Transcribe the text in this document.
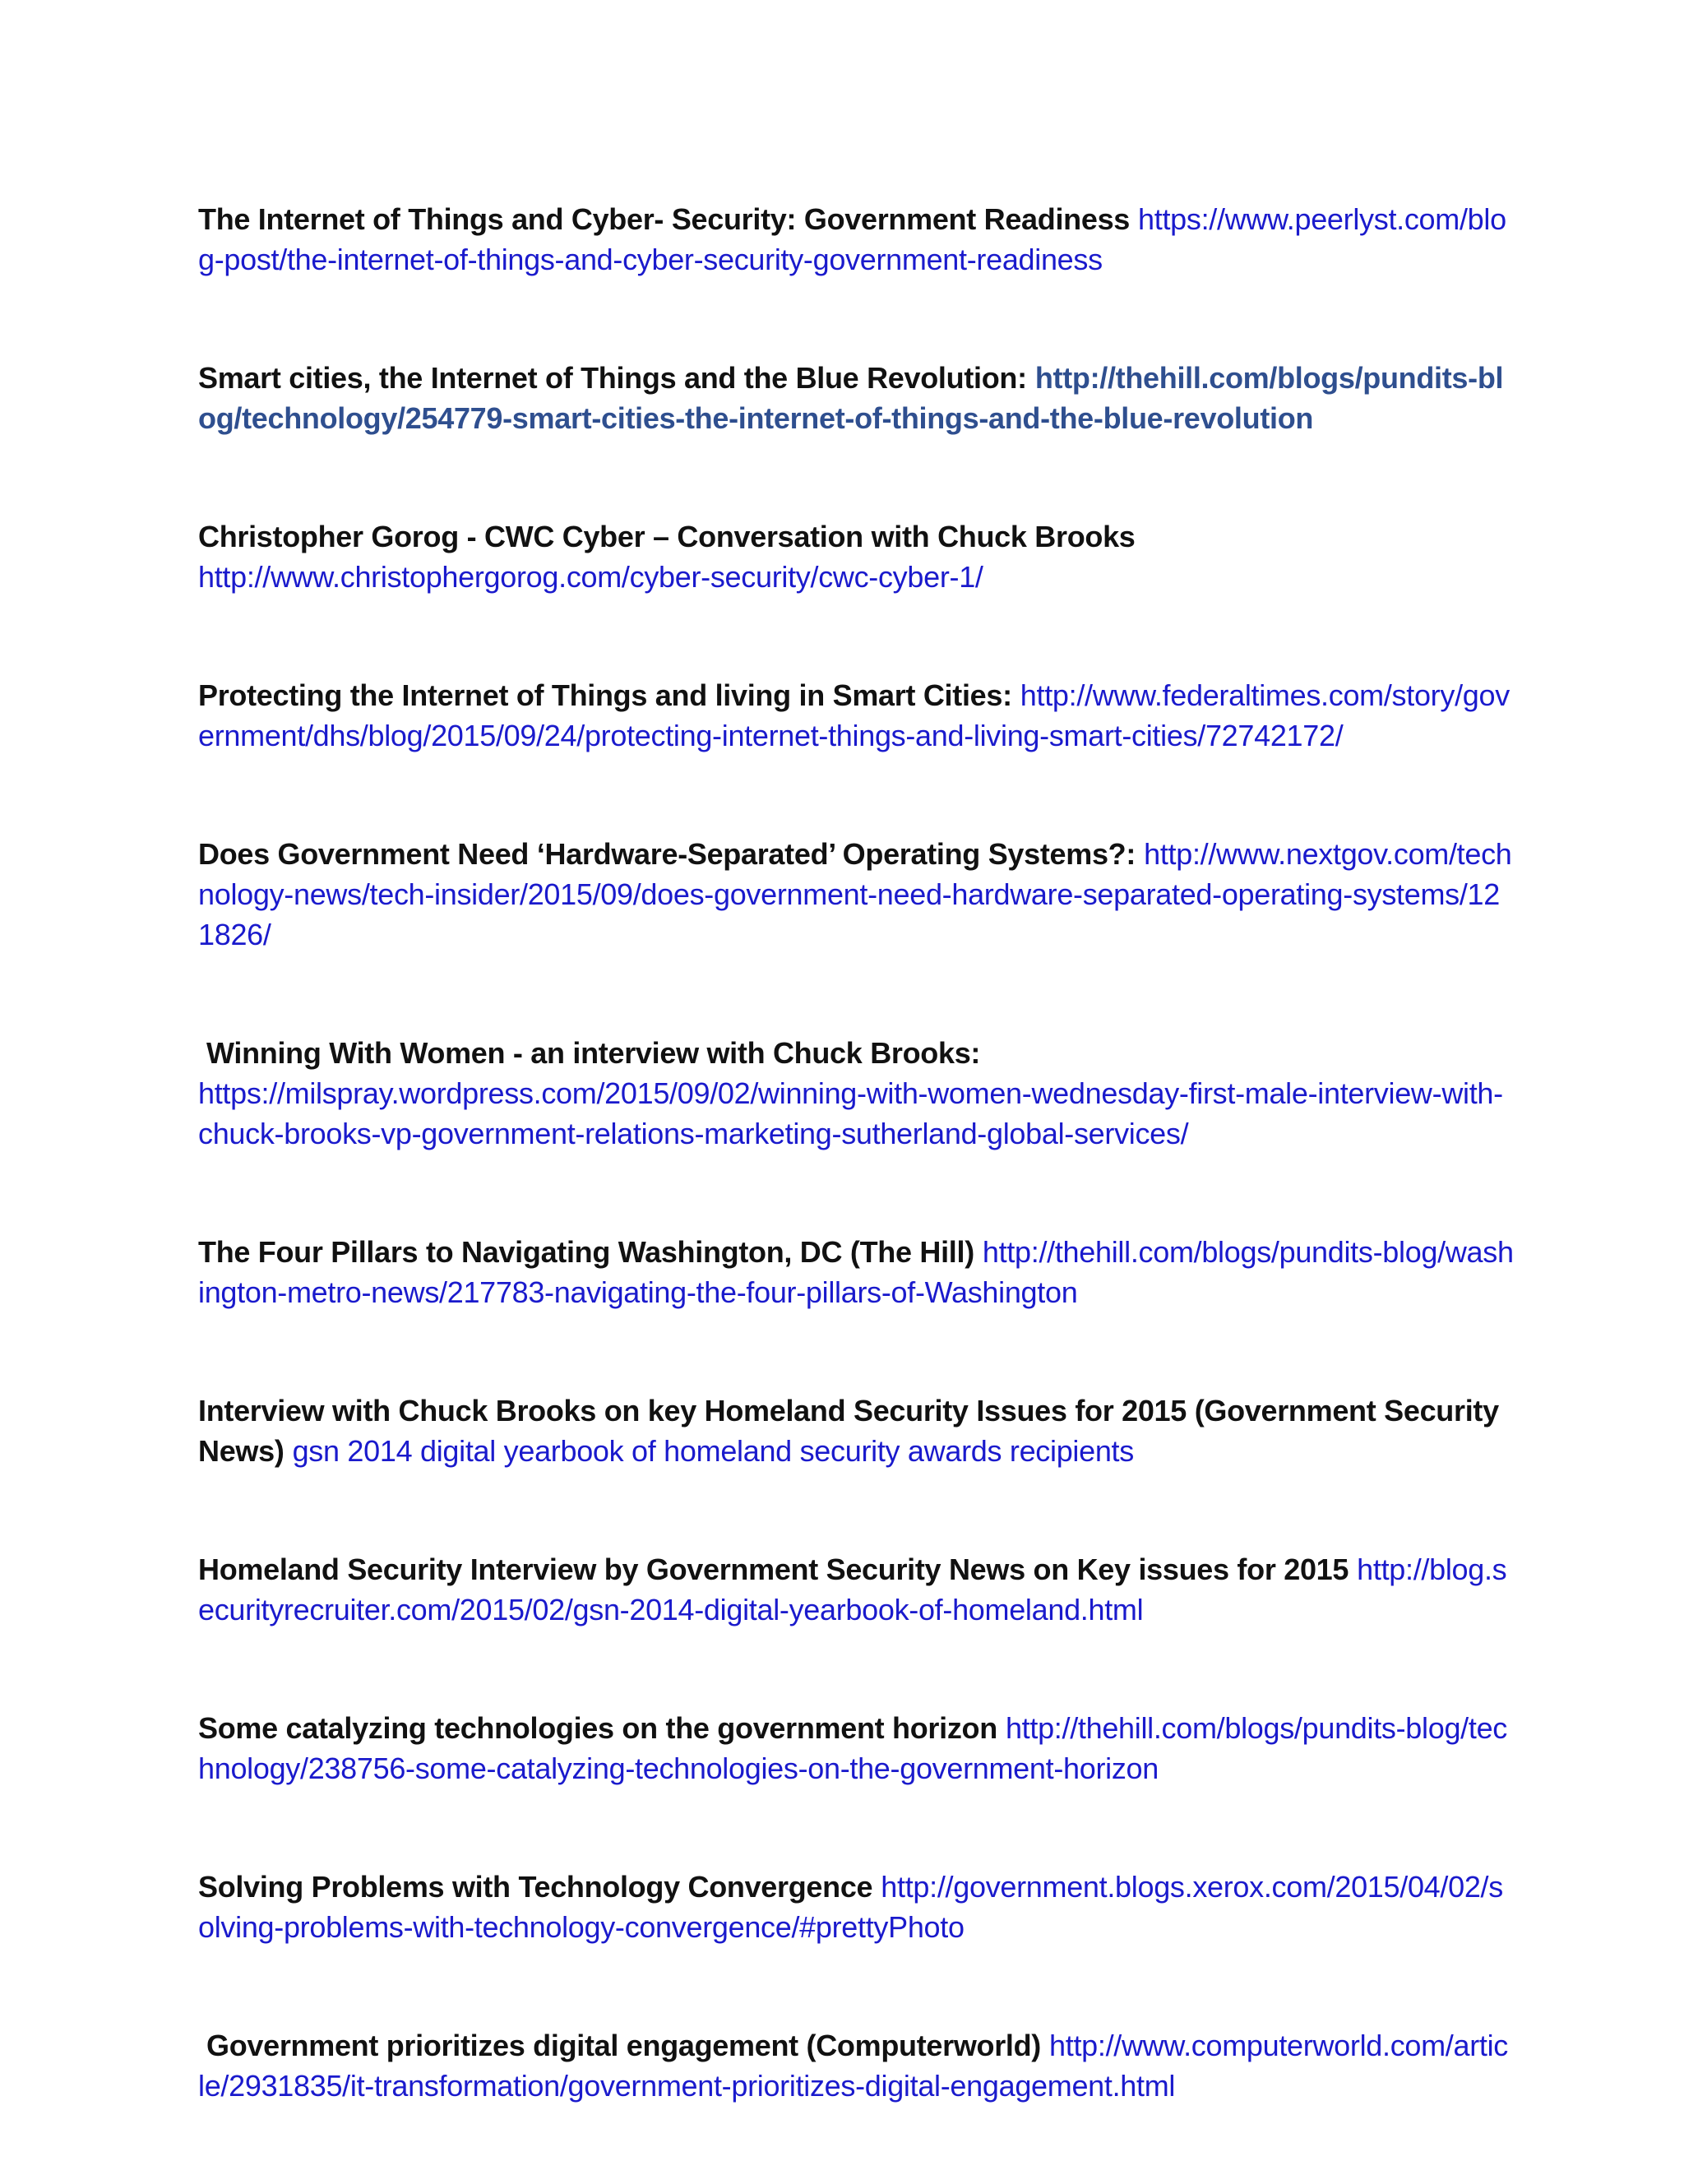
The Internet of Things and Cyber- Security: Government Readiness https://www.peerlyst.com/blog-post/the-internet-of-things-and-cyber-security-government-readiness
Smart cities, the Internet of Things and the Blue Revolution: http://thehill.com/blogs/pundits-blog/technology/254779-smart-cities-the-internet-of-things-and-the-blue-revolution
Christopher Gorog - CWC Cyber – Conversation with Chuck Brooks
http://www.christophergorog.com/cyber-security/cwc-cyber-1/
Protecting the Internet of Things and living in Smart Cities: http://www.federaltimes.com/story/government/dhs/blog/2015/09/24/protecting-internet-things-and-living-smart-cities/72742172/
Does Government Need ‘Hardware-Separated’ Operating Systems?: http://www.nextgov.com/technology-news/tech-insider/2015/09/does-government-need-hardware-separated-operating-systems/121826/
Winning With Women - an interview with Chuck Brooks:
https://milspray.wordpress.com/2015/09/02/winning-with-women-wednesday-first-male-interview-with-chuck-brooks-vp-government-relations-marketing-sutherland-global-services/
The Four Pillars to Navigating Washington, DC (The Hill) http://thehill.com/blogs/pundits-blog/washington-metro-news/217783-navigating-the-four-pillars-of-Washington
Interview with Chuck Brooks on key Homeland Security Issues for 2015 (Government Security News) gsn 2014 digital yearbook of homeland security awards recipients
Homeland Security Interview by Government Security News on Key issues for 2015 http://blog.securityrecruiter.com/2015/02/gsn-2014-digital-yearbook-of-homeland.html
Some catalyzing technologies on the government horizon http://thehill.com/blogs/pundits-blog/technology/238756-some-catalyzing-technologies-on-the-government-horizon
Solving Problems with Technology Convergence http://government.blogs.xerox.com/2015/04/02/solving-problems-with-technology-convergence/#prettyPhoto
Government prioritizes digital engagement (Computerworld) http://www.computerworld.com/article/2931835/it-transformation/government-prioritizes-digital-engagement.html
